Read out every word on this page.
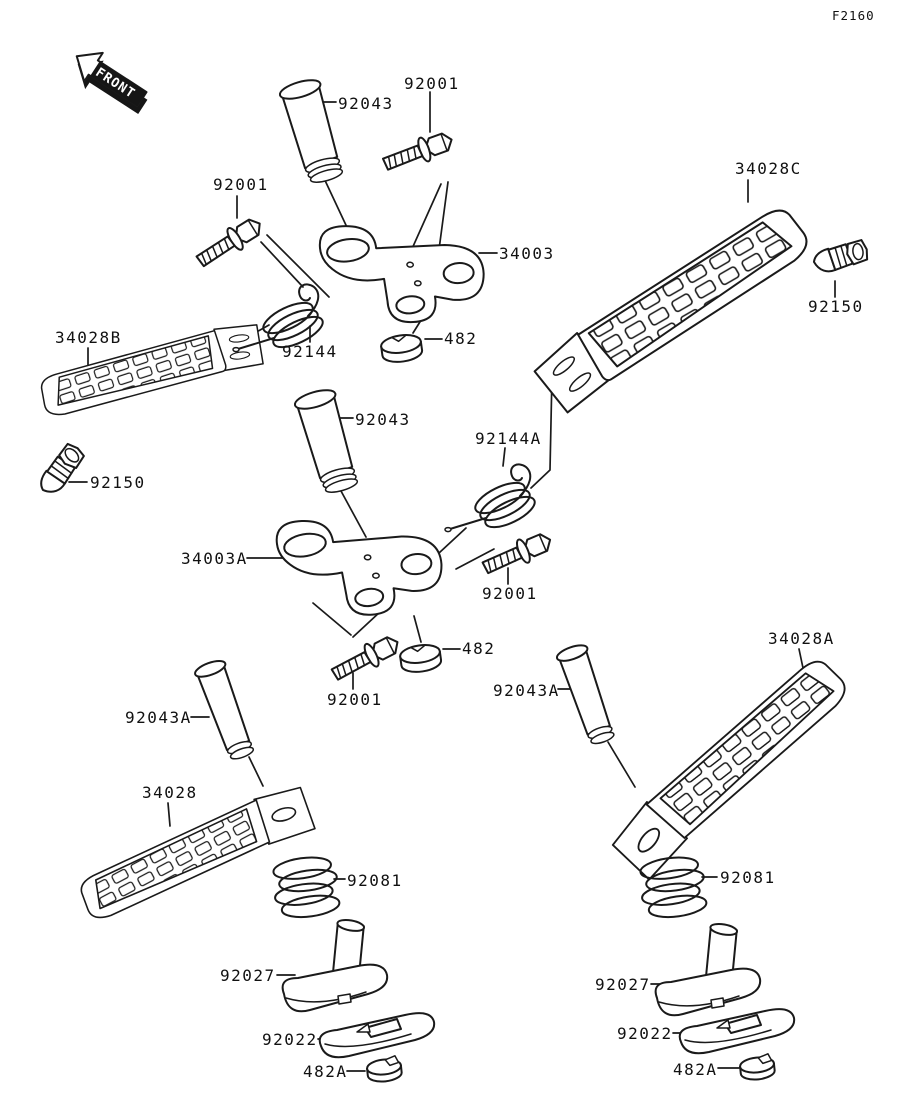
FRONT	92001
92043
92001
34028C
92150
34003
482
34028B
92144
92150
92043
92144A
34003A
92001
482
92001
34028A
92043A
92043A
34028
92081	92081
92027	92027
92022	92022
482A	482A
F2160
